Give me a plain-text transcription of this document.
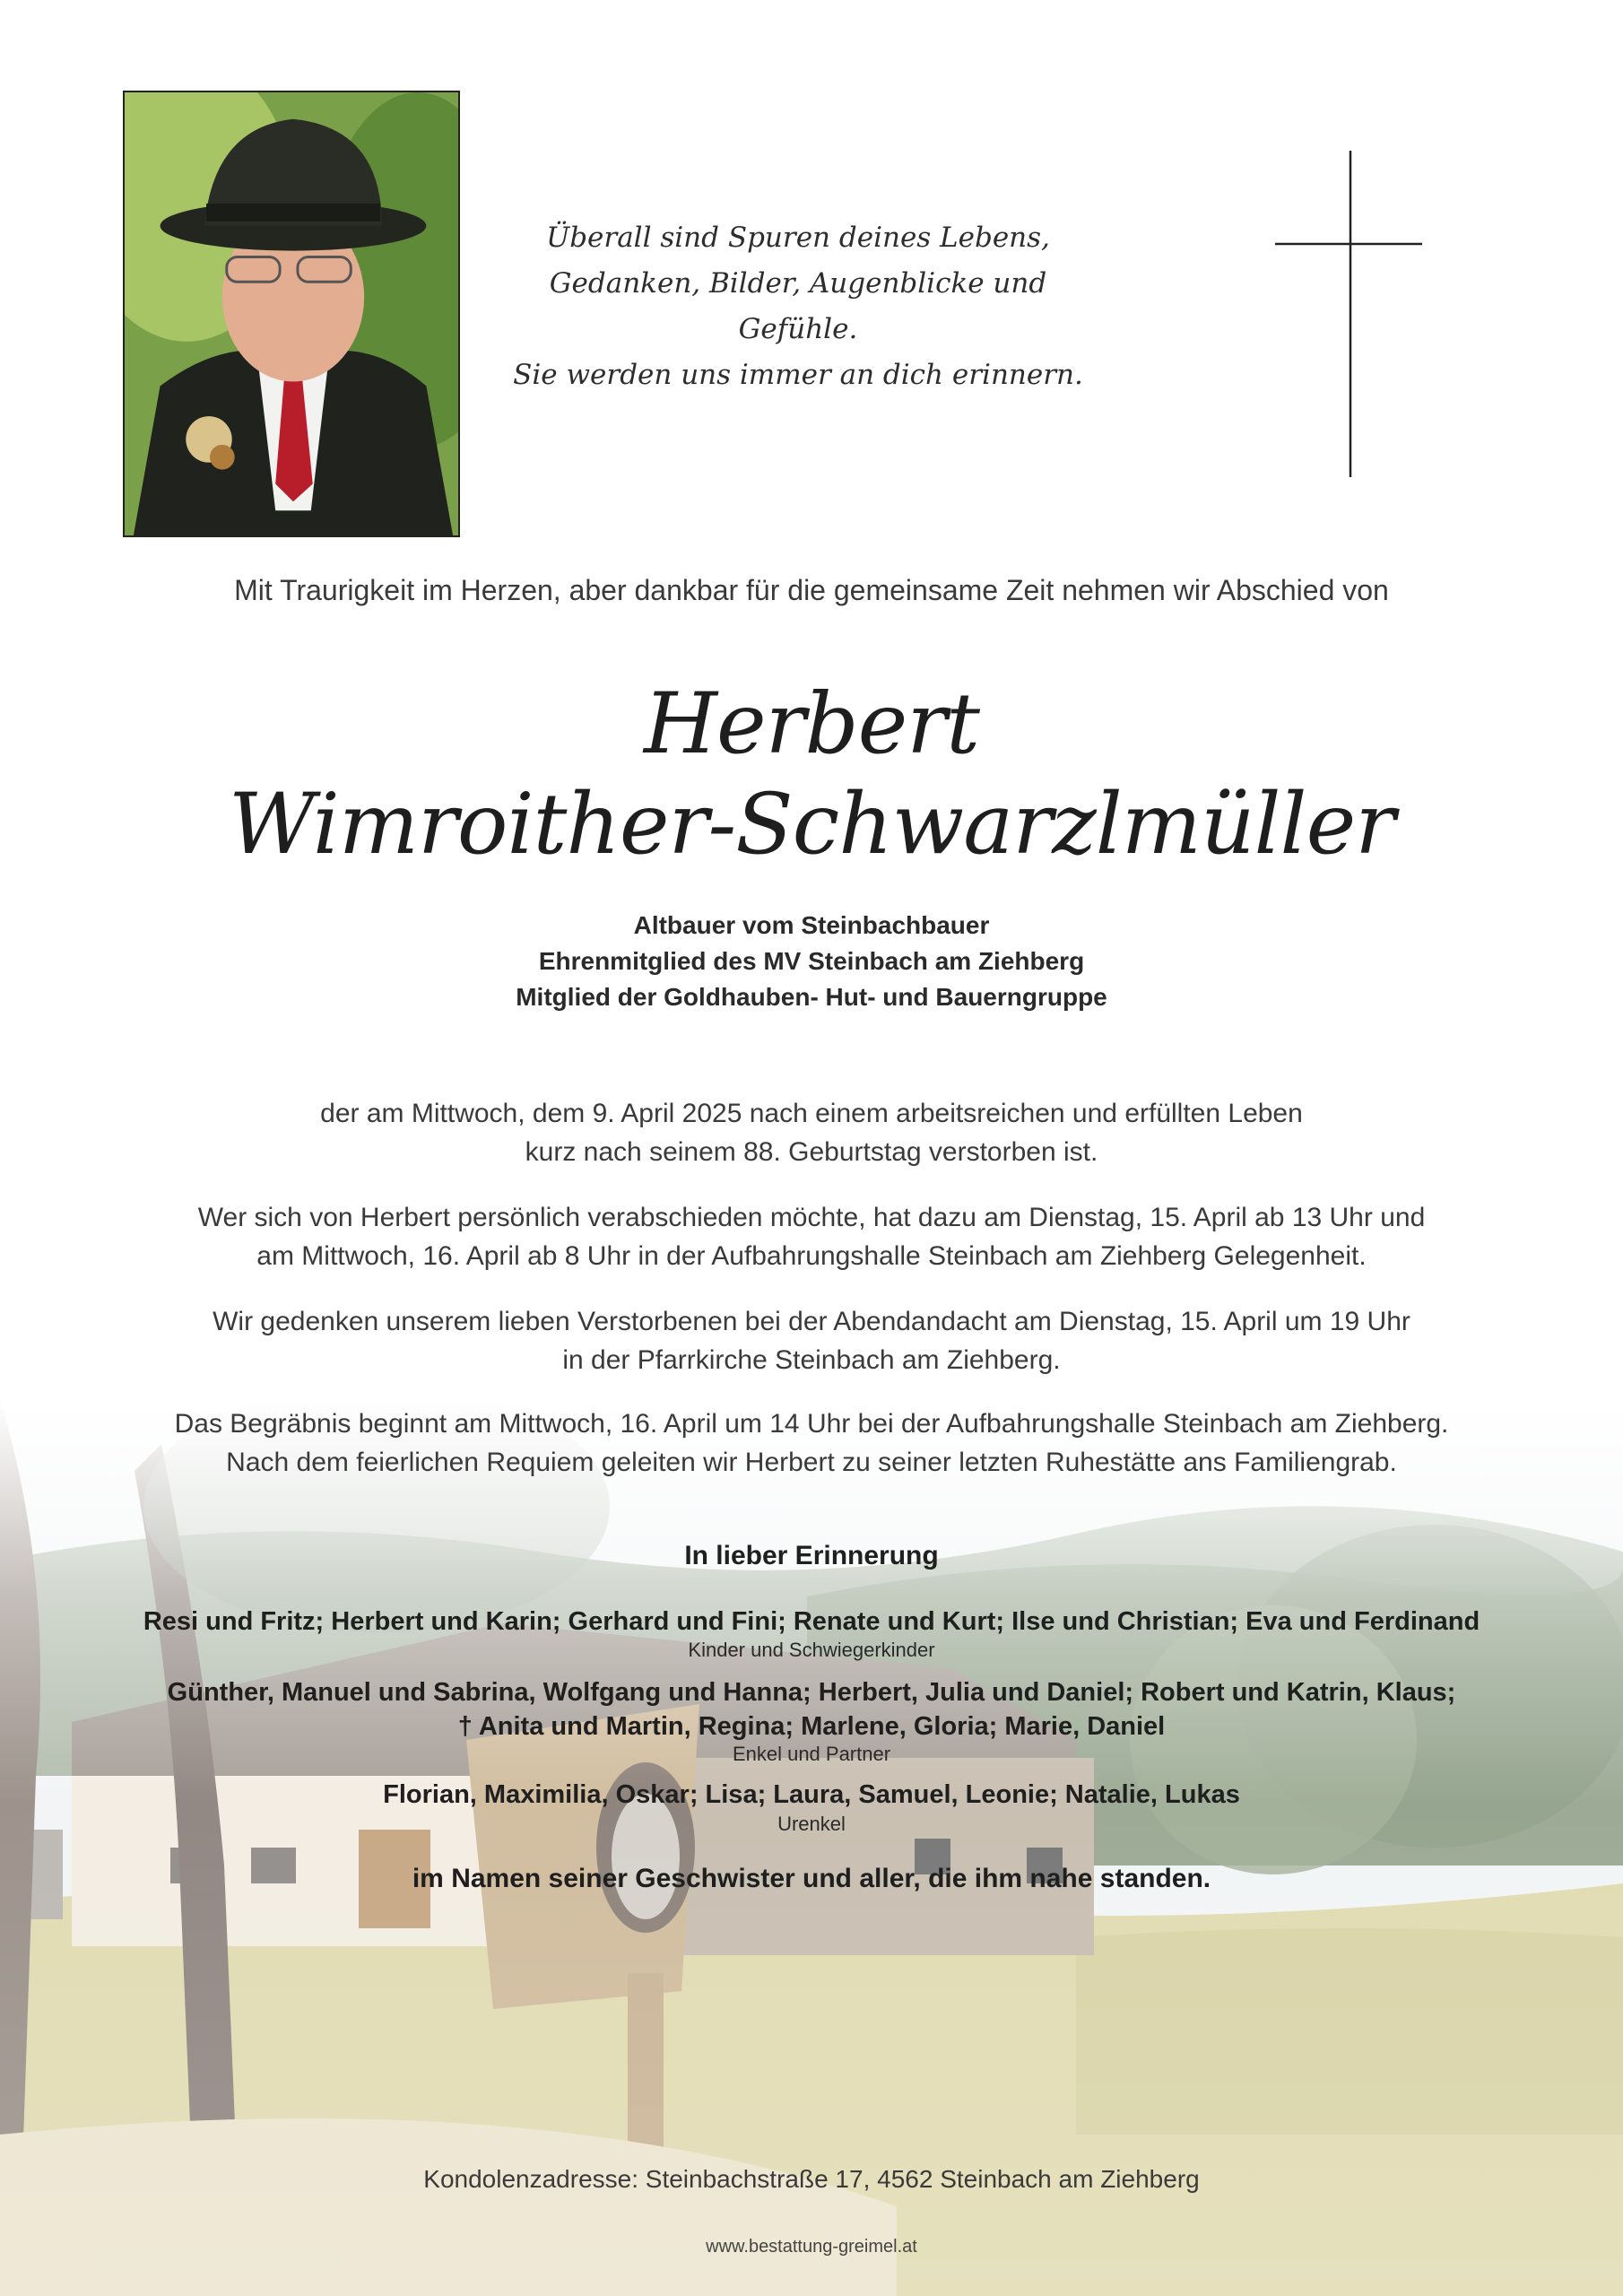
Überall sind Spuren deines Lebens,
Gedanken, Bilder, Augenblicke und Gefühle.
Sie werden uns immer an dich erinnern.
Mit Traurigkeit im Herzen, aber dankbar für die gemeinsame Zeit nehmen wir Abschied von
Herbert
Wimroither-Schwarzlmüller
Altbauer vom Steinbachbauer
Ehrenmitglied des MV Steinbach am Ziehberg
Mitglied der Goldhauben- Hut- und Bauerngruppe
der am Mittwoch, dem 9. April 2025 nach einem arbeitsreichen und erfüllten Leben
kurz nach seinem 88. Geburtstag verstorben ist.
Wer sich von Herbert persönlich verabschieden möchte, hat dazu am Dienstag, 15. April ab 13 Uhr und
am Mittwoch, 16. April ab 8 Uhr in der Aufbahrungshalle Steinbach am Ziehberg Gelegenheit.
Wir gedenken unserem lieben Verstorbenen bei der Abendandacht am Dienstag, 15. April um 19 Uhr
in der Pfarrkirche Steinbach am Ziehberg.
Das Begräbnis beginnt am Mittwoch, 16. April um 14 Uhr bei der Aufbahrungshalle Steinbach am Ziehberg.
Nach dem feierlichen Requiem geleiten wir Herbert zu seiner letzten Ruhestätte ans Familiengrab.
In lieber Erinnerung
Resi und Fritz; Herbert und Karin; Gerhard und Fini; Renate und Kurt; Ilse und Christian; Eva und Ferdinand
Kinder und Schwiegerkinder
Günther, Manuel und Sabrina, Wolfgang und Hanna; Herbert, Julia und Daniel; Robert und Katrin, Klaus;
† Anita und Martin, Regina; Marlene, Gloria; Marie, Daniel
Enkel und Partner
Florian, Maximilia, Oskar; Lisa; Laura, Samuel, Leonie; Natalie, Lukas
Urenkel
im Namen seiner Geschwister und aller, die ihm nahe standen.
Kondolenzadresse: Steinbachstraße 17, 4562 Steinbach am Ziehberg
www.bestattung-greimel.at
